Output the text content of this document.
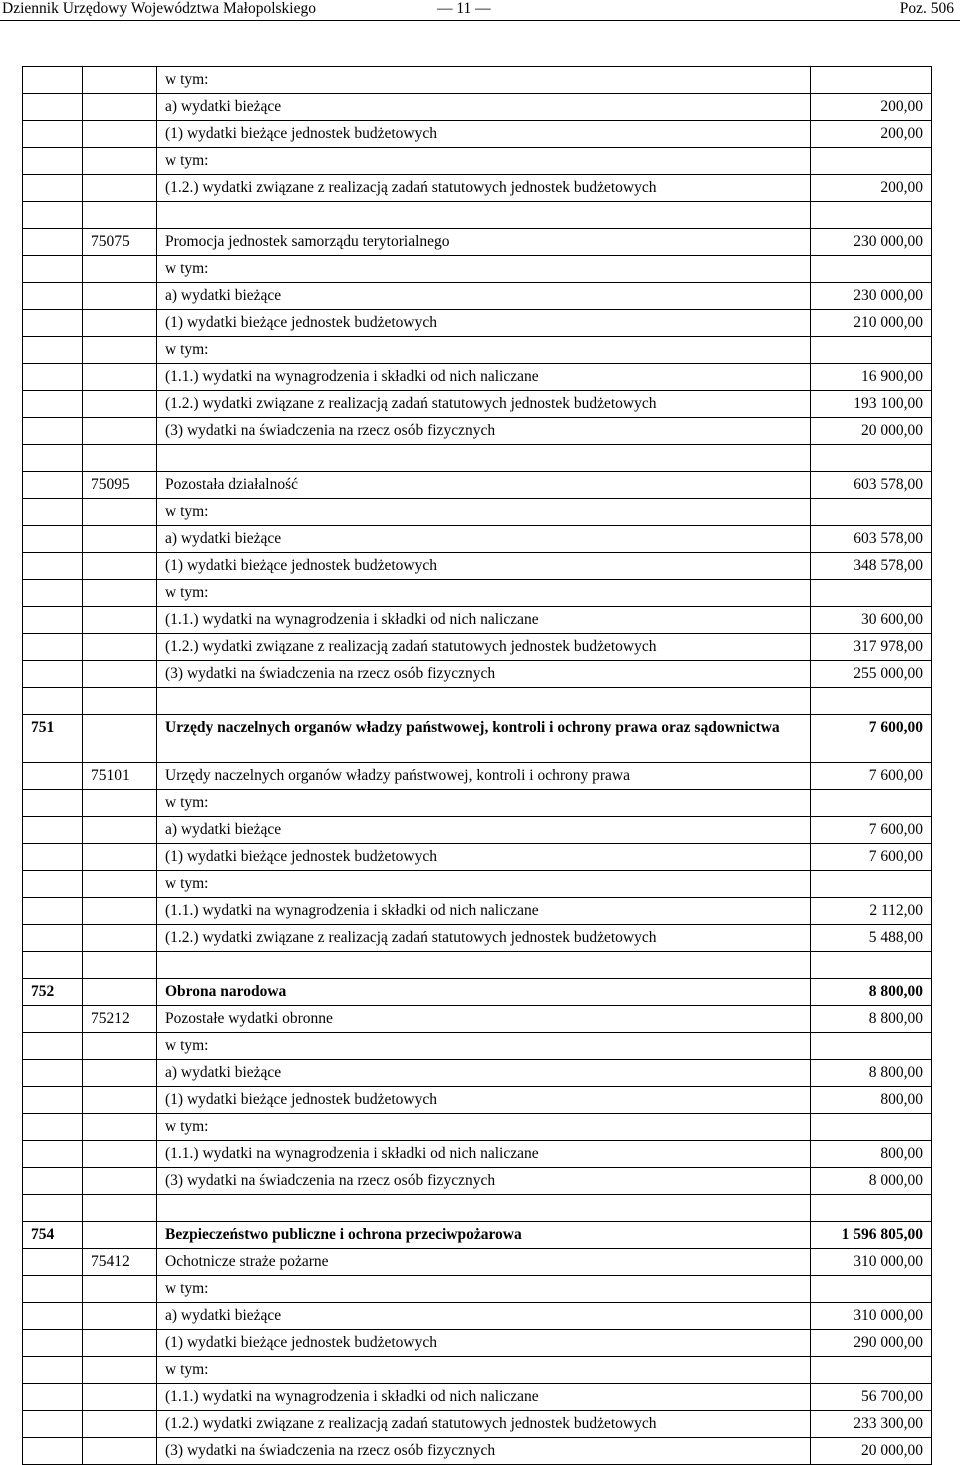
Dziennik Urzędowy Województwa Małopolskiego	— 11 —	Poz. 506
		w tym:	
		a) wydatki bieżące	200,00
		(1) wydatki bieżące jednostek budżetowych	200,00
		w tym:	
		(1.2.) wydatki związane z realizacją zadań statutowych jednostek budżetowych	200,00

	75075	Promocja jednostek samorządu terytorialnego	230 000,00
		w tym:	
		a) wydatki bieżące	230 000,00
		(1) wydatki bieżące jednostek budżetowych	210 000,00
		w tym:	
		(1.1.) wydatki na wynagrodzenia i składki od nich naliczane	16 900,00
		(1.2.) wydatki związane z realizacją zadań statutowych jednostek budżetowych	193 100,00
		(3) wydatki na świadczenia na rzecz osób fizycznych	20 000,00

	75095	Pozostała działalność	603 578,00
		w tym:	
		a) wydatki bieżące	603 578,00
		(1) wydatki bieżące jednostek budżetowych	348 578,00
		w tym:	
		(1.1.) wydatki na wynagrodzenia i składki od nich naliczane	30 600,00
		(1.2.) wydatki związane z realizacją zadań statutowych jednostek budżetowych	317 978,00
		(3) wydatki na świadczenia na rzecz osób fizycznych	255 000,00

751		Urzędy naczelnych organów władzy państwowej, kontroli i ochrony prawa oraz sądownictwa	7 600,00
	75101	Urzędy naczelnych organów władzy państwowej, kontroli i ochrony prawa	7 600,00
		w tym:	
		a) wydatki bieżące	7 600,00
		(1) wydatki bieżące jednostek budżetowych	7 600,00
		w tym:	
		(1.1.) wydatki na wynagrodzenia i składki od nich naliczane	2 112,00
		(1.2.) wydatki związane z realizacją zadań statutowych jednostek budżetowych	5 488,00

752		Obrona narodowa	8 800,00
	75212	Pozostałe wydatki obronne	8 800,00
		w tym:	
		a) wydatki bieżące	8 800,00
		(1) wydatki bieżące jednostek budżetowych	800,00
		w tym:	
		(1.1.) wydatki na wynagrodzenia i składki od nich naliczane	800,00
		(3) wydatki na świadczenia na rzecz osób fizycznych	8 000,00

754		Bezpieczeństwo publiczne i ochrona przeciwpożarowa	1 596 805,00
	75412	Ochotnicze straże pożarne	310 000,00
		w tym:	
		a) wydatki bieżące	310 000,00
		(1) wydatki bieżące jednostek budżetowych	290 000,00
		w tym:	
		(1.1.) wydatki na wynagrodzenia i składki od nich naliczane	56 700,00
		(1.2.) wydatki związane z realizacją zadań statutowych jednostek budżetowych	233 300,00
		(3) wydatki na świadczenia na rzecz osób fizycznych	20 000,00
